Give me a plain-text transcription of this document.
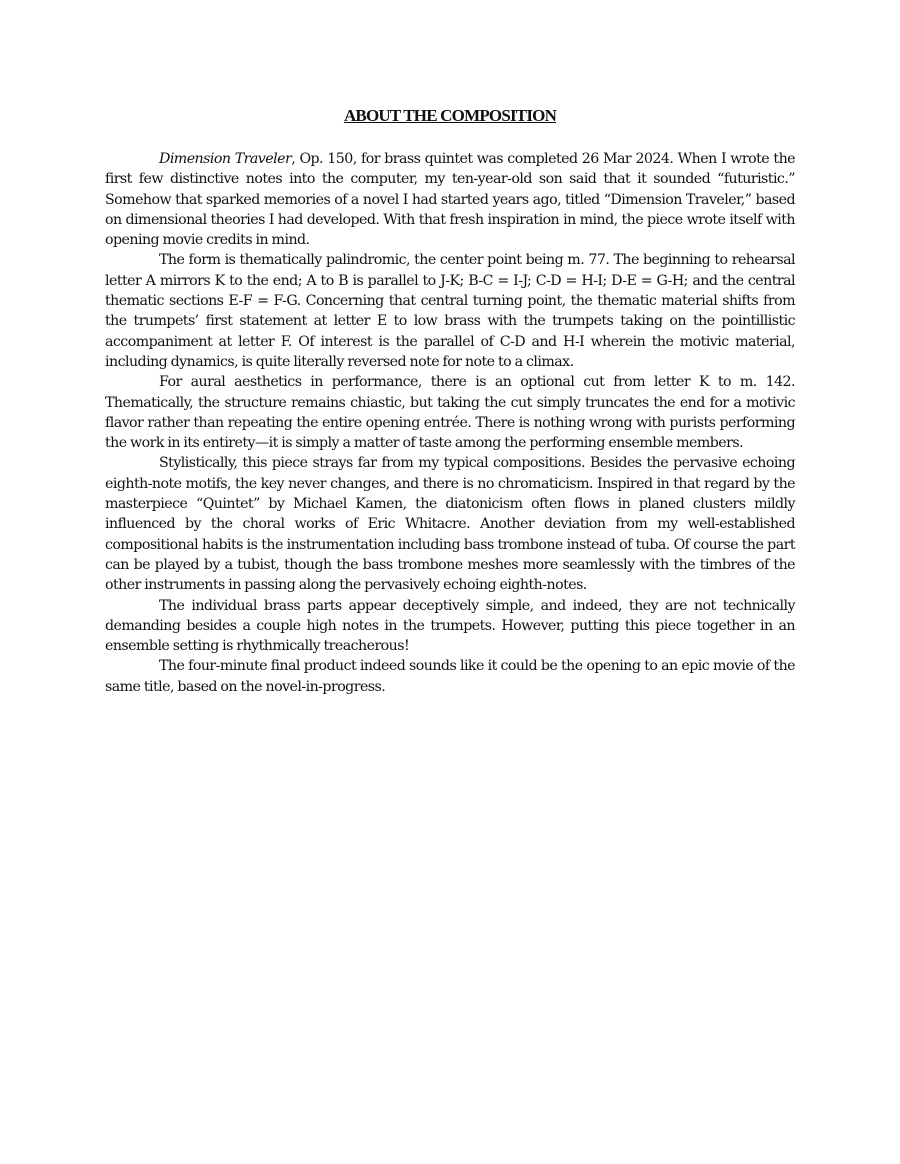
ABOUT THE COMPOSITION

Dimension Traveler, Op. 150, for brass quintet was completed 26 Mar 2024. When I wrote the first few distinctive notes into the computer, my ten-year-old son said that it sounded “futuristic.” Somehow that sparked memories of a novel I had started years ago, titled “Dimension Traveler,” based on dimensional theories I had developed. With that fresh inspiration in mind, the piece wrote itself with opening movie credits in mind.

The form is thematically palindromic, the center point being m. 77. The beginning to rehearsal letter A mirrors K to the end; A to B is parallel to J-K; B-C = I-J; C-D = H-I; D-E = G-H; and the central thematic sections E-F = F-G. Concerning that central turning point, the thematic material shifts from the trumpets’ first statement at letter E to low brass with the trumpets taking on the pointillistic accompaniment at letter F. Of interest is the parallel of C-D and H-I wherein the motivic material, including dynamics, is quite literally reversed note for note to a climax.

For aural aesthetics in performance, there is an optional cut from letter K to m. 142. Thematically, the structure remains chiastic, but taking the cut simply truncates the end for a motivic flavor rather than repeating the entire opening entrée. There is nothing wrong with purists performing the work in its entirety—it is simply a matter of taste among the performing ensemble members.

Stylistically, this piece strays far from my typical compositions. Besides the pervasive echoing eighth-note motifs, the key never changes, and there is no chromaticism. Inspired in that regard by the masterpiece “Quintet” by Michael Kamen, the diatonicism often flows in planed clusters mildly influenced by the choral works of Eric Whitacre. Another deviation from my well-established compositional habits is the instrumentation including bass trombone instead of tuba. Of course the part can be played by a tubist, though the bass trombone meshes more seamlessly with the timbres of the other instruments in passing along the pervasively echoing eighth-notes.

The individual brass parts appear deceptively simple, and indeed, they are not technically demanding besides a couple high notes in the trumpets. However, putting this piece together in an ensemble setting is rhythmically treacherous!

The four-minute final product indeed sounds like it could be the opening to an epic movie of the same title, based on the novel-in-progress.
